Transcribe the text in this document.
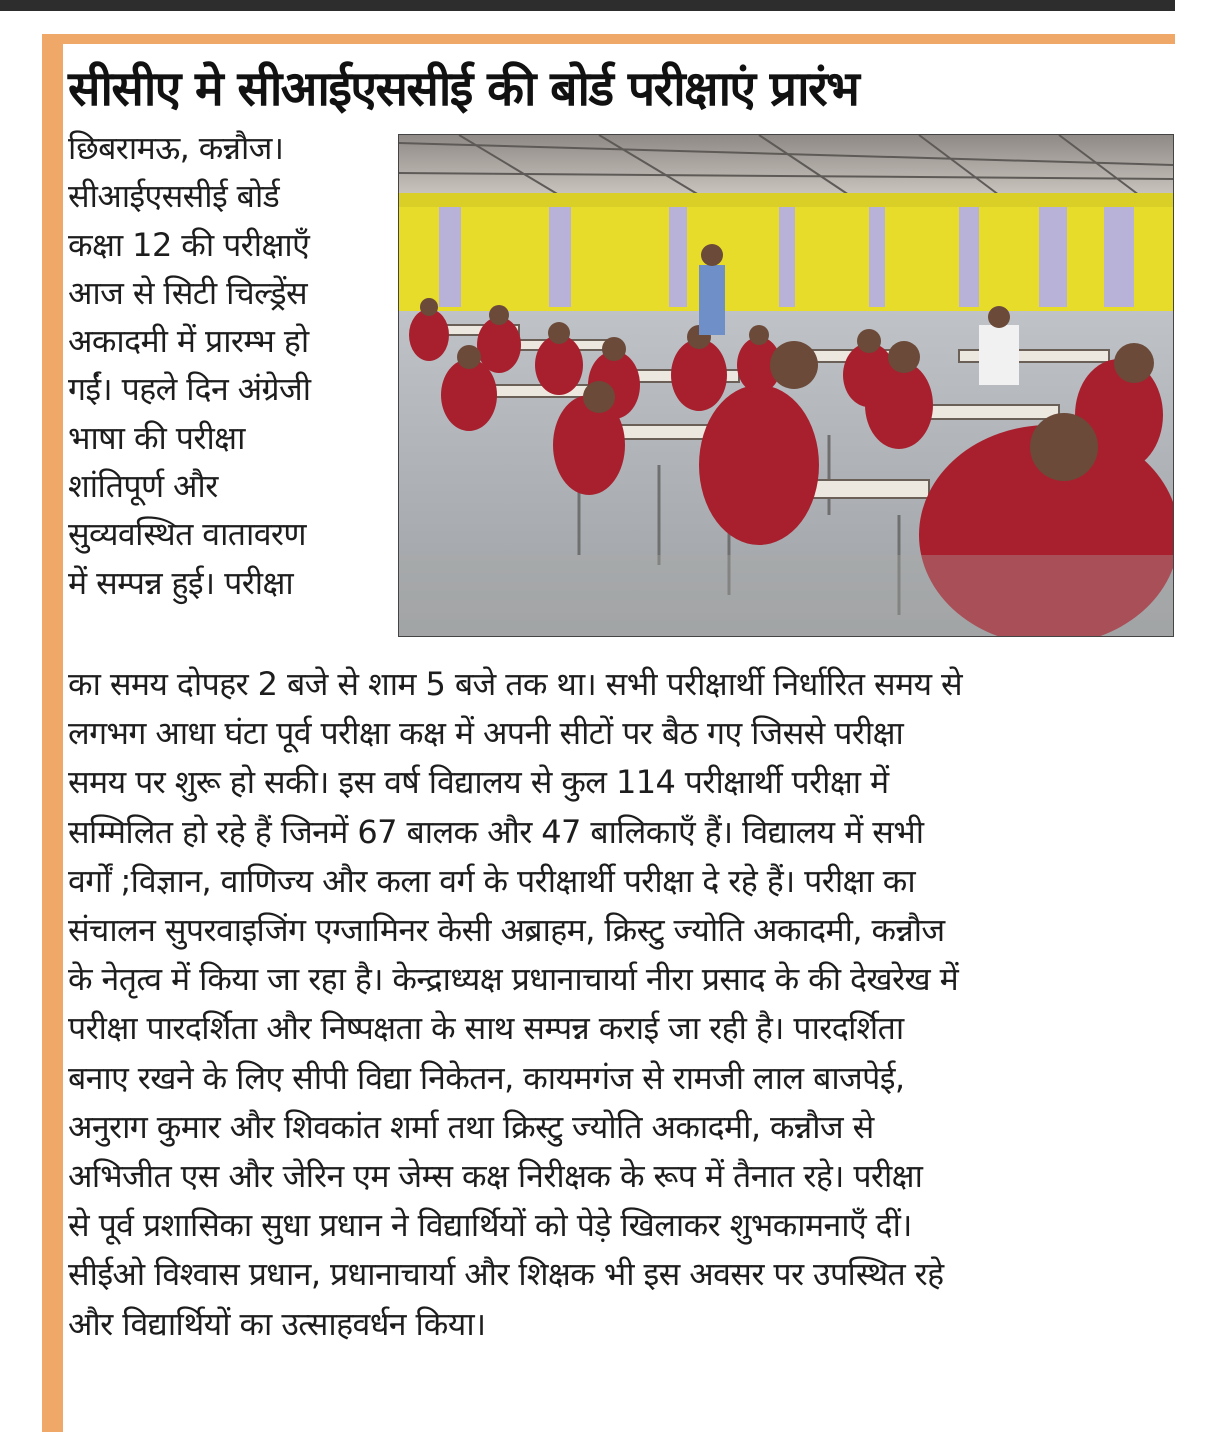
सीसीए मे सीआईएससीई की बोर्ड परीक्षाएं प्रारंभ
छिबरामऊ, कन्नौज।
सीआईएससीई बोर्ड
कक्षा 12 की परीक्षाएँ
आज से सिटी चिल्ड्रेंस
अकादमी में प्रारम्भ हो
गईं। पहले दिन अंग्रेजी
भाषा की परीक्षा
शांतिपूर्ण और
सुव्यवस्थित वातावरण
में सम्पन्न हुई। परीक्षा
का समय दोपहर 2 बजे से शाम 5 बजे तक था। सभी परीक्षार्थी निर्धारित समय से
लगभग आधा घंटा पूर्व परीक्षा कक्ष में अपनी सीटों पर बैठ गए जिससे परीक्षा
समय पर शुरू हो सकी। इस वर्ष विद्यालय से कुल 114 परीक्षार्थी परीक्षा में
सम्मिलित हो रहे हैं जिनमें 67 बालक और 47 बालिकाएँ हैं। विद्यालय में सभी
वर्गों ;विज्ञान, वाणिज्य और कला वर्ग के परीक्षार्थी परीक्षा दे रहे हैं। परीक्षा का
संचालन सुपरवाइजिंग एग्जामिनर केसी अब्राहम, क्रिस्टु ज्योति अकादमी, कन्नौज
के नेतृत्व में किया जा रहा है। केन्द्राध्यक्ष प्रधानाचार्या नीरा प्रसाद के की देखरेख में
परीक्षा पारदर्शिता और निष्पक्षता के साथ सम्पन्न कराई जा रही है। पारदर्शिता
बनाए रखने के लिए सीपी विद्या निकेतन, कायमगंज से रामजी लाल बाजपेई,
अनुराग कुमार और शिवकांत शर्मा तथा क्रिस्टु ज्योति अकादमी, कन्नौज से
अभिजीत एस और जेरिन एम जेम्स कक्ष निरीक्षक के रूप में तैनात रहे। परीक्षा
से पूर्व प्रशासिका सुधा प्रधान ने विद्यार्थियों को पेड़े खिलाकर शुभकामनाएँ दीं।
सीईओ विश्वास प्रधान, प्रधानाचार्या और शिक्षक भी इस अवसर पर उपस्थित रहे
और विद्यार्थियों का उत्साहवर्धन किया।
